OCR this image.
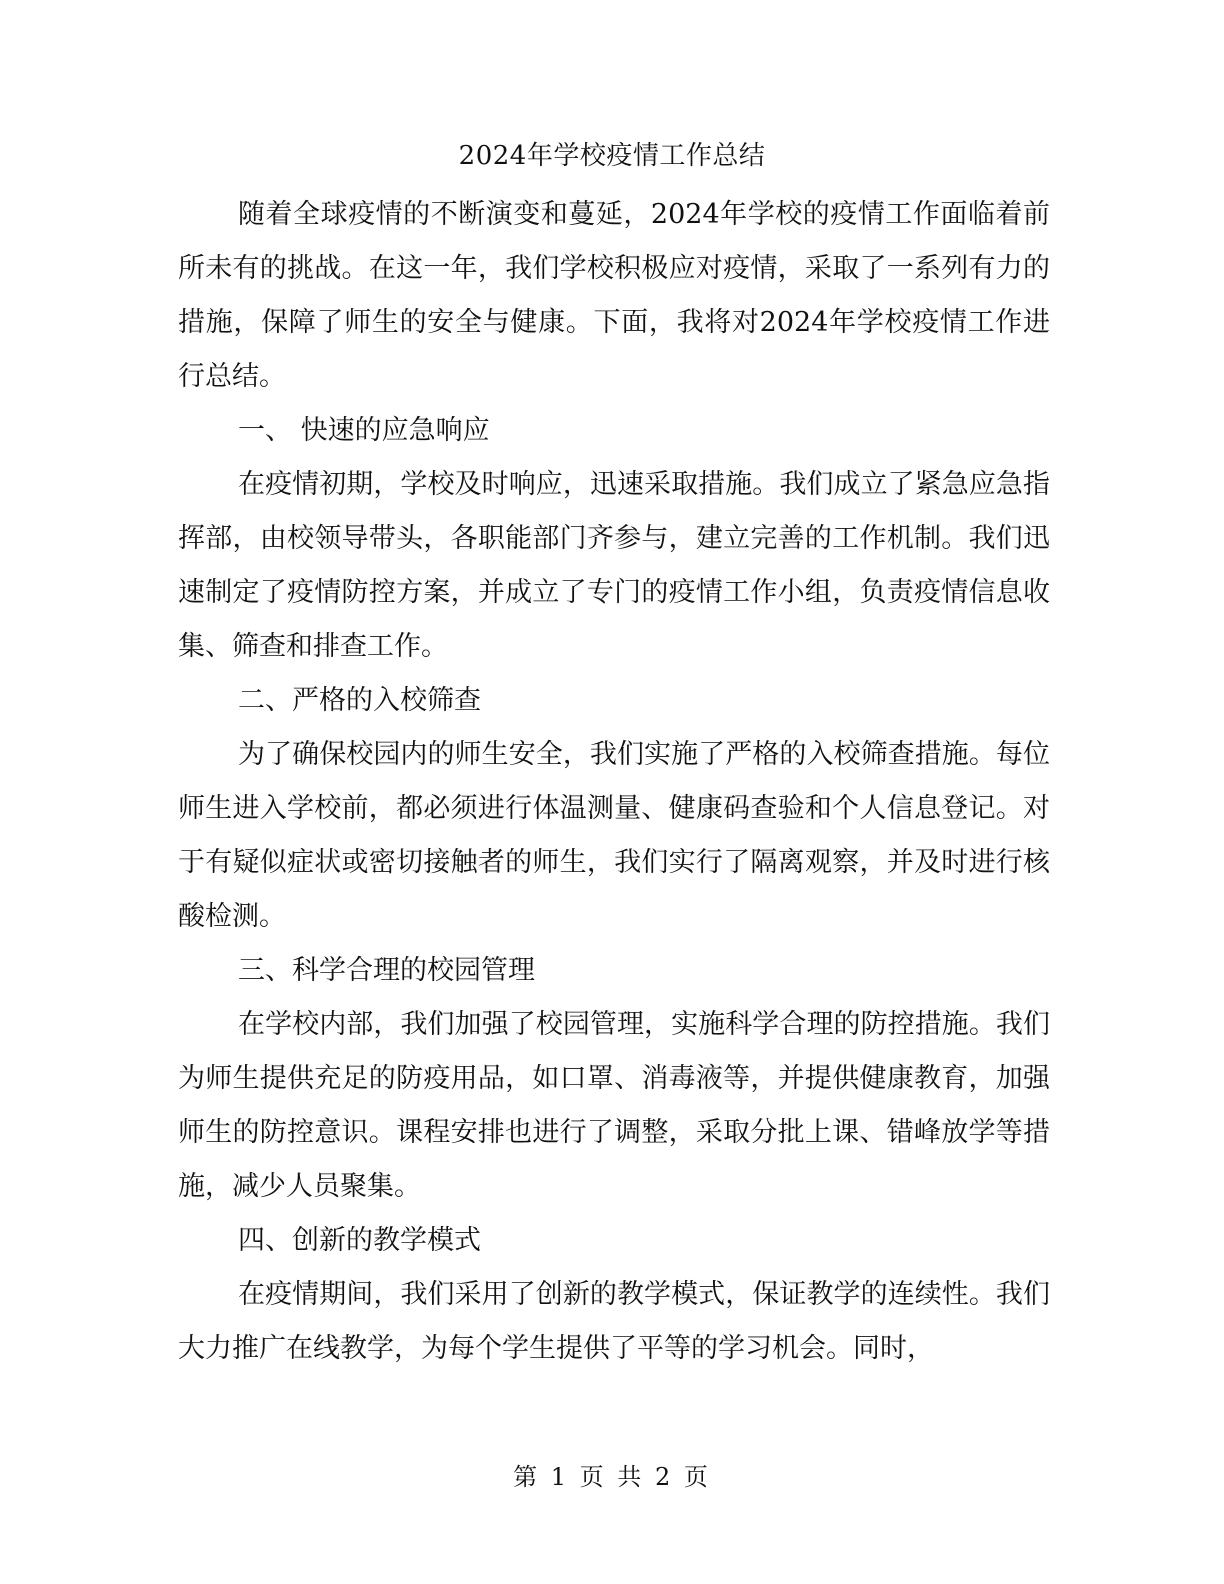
2024年学校疫情工作总结

随着全球疫情的不断演变和蔓延，2024年学校的疫情工作面临着前所未有的挑战。在这一年，我们学校积极应对疫情，采取了一系列有力的措施，保障了师生的安全与健康。下面，我将对2024年学校疫情工作进行总结。

一、 快速的应急响应

在疫情初期，学校及时响应，迅速采取措施。我们成立了紧急应急指挥部，由校领导带头，各职能部门齐参与，建立完善的工作机制。我们迅速制定了疫情防控方案，并成立了专门的疫情工作小组，负责疫情信息收集、筛查和排查工作。

二、严格的入校筛查

为了确保校园内的师生安全，我们实施了严格的入校筛查措施。每位师生进入学校前，都必须进行体温测量、健康码查验和个人信息登记。对于有疑似症状或密切接触者的师生，我们实行了隔离观察，并及时进行核酸检测。

三、科学合理的校园管理

在学校内部，我们加强了校园管理，实施科学合理的防控措施。我们为师生提供充足的防疫用品，如口罩、消毒液等，并提供健康教育，加强师生的防控意识。课程安排也进行了调整，采取分批上课、错峰放学等措施，减少人员聚集。

四、创新的教学模式

在疫情期间，我们采用了创新的教学模式，保证教学的连续性。我们大力推广在线教学，为每个学生提供了平等的学习机会。同时，

第 1 页 共 2 页
